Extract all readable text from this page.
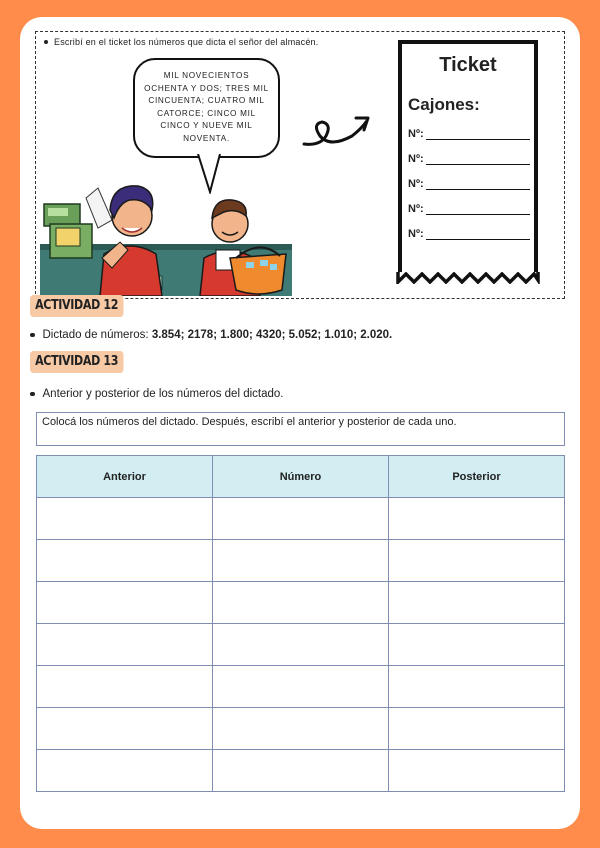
Escribí en el ticket los números que dicta el señor del almacén.
MIL NOVECIENTOS OCHENTA Y DOS; TRES MIL CINCUENTA; CUATRO MIL CATORCE; CINCO MIL CINCO Y NUEVE MIL NOVENTA.
Ticket
Cajones:
Nº:
Nº:
Nº:
Nº:
Nº:
ACTIVIDAD 12
Dictado de números: 3.854; 2178; 1.800; 4320; 5.052; 1.010; 2.020.
ACTIVIDAD 13
Anterior y posterior de los números del dictado.
Colocá los números del dictado. Después, escribí el anterior y posterior de cada uno.
Anterior	Número	Posterior
